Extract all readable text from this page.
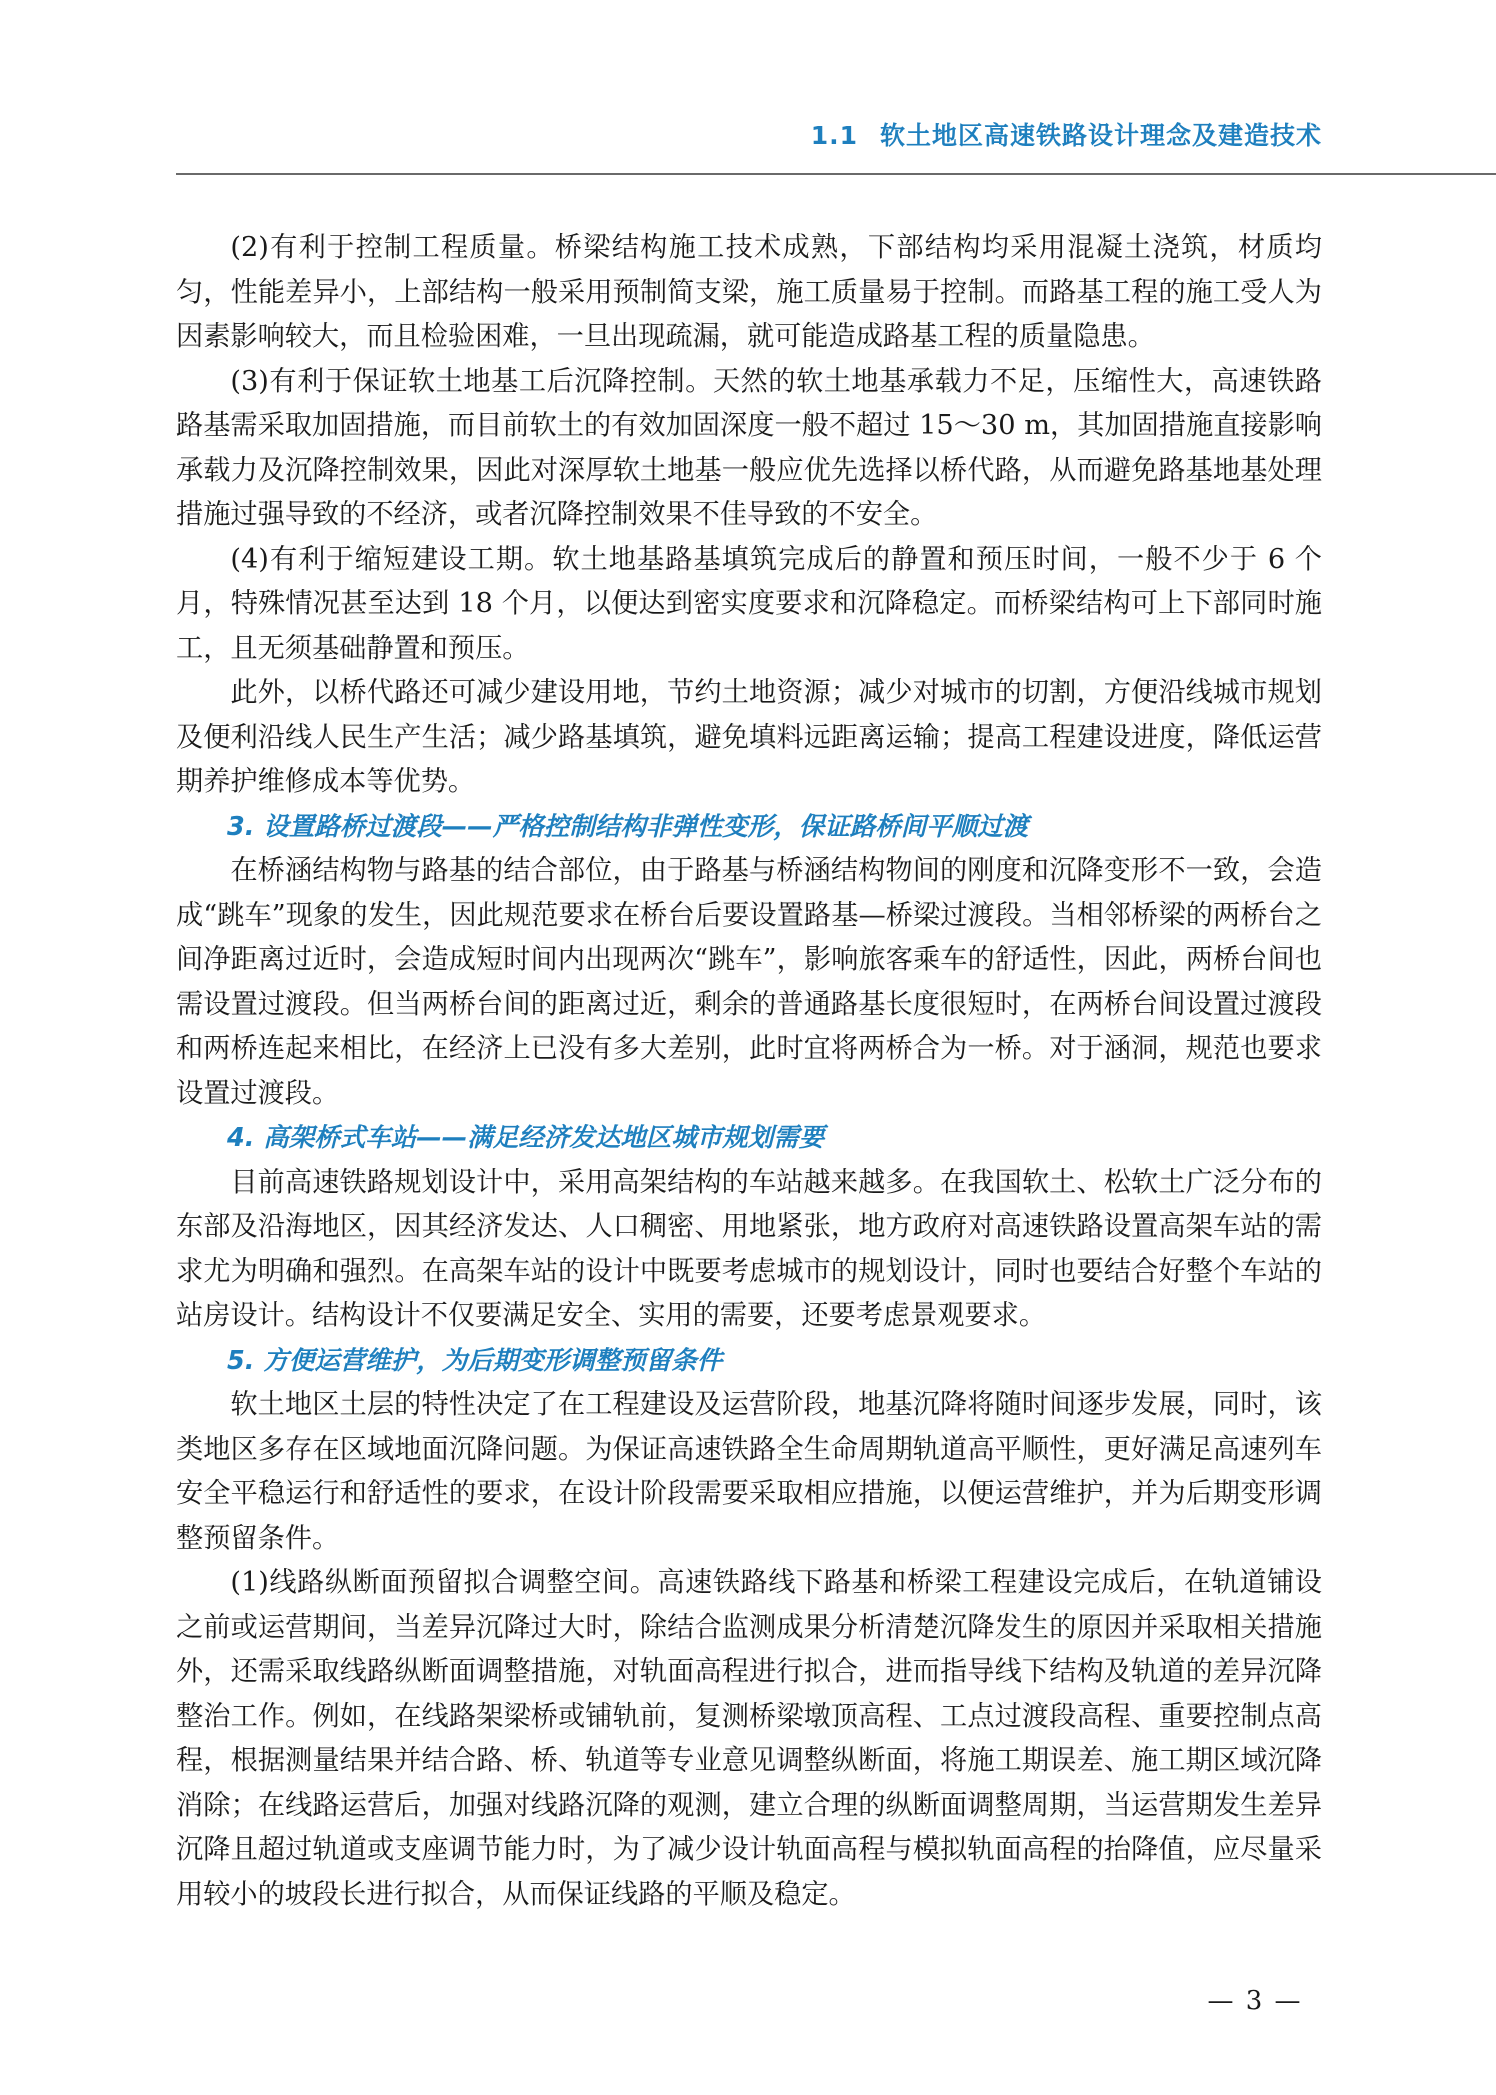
1.1 软土地区高速铁路设计理念及建造技术

(2)有利于控制工程质量。桥梁结构施工技术成熟，下部结构均采用混凝土浇筑，材质均匀，性能差异小，上部结构一般采用预制简支梁，施工质量易于控制。而路基工程的施工受人为因素影响较大，而且检验困难，一旦出现疏漏，就可能造成路基工程的质量隐患。

(3)有利于保证软土地基工后沉降控制。天然的软土地基承载力不足，压缩性大，高速铁路路基需采取加固措施，而目前软土的有效加固深度一般不超过 15～30 m，其加固措施直接影响承载力及沉降控制效果，因此对深厚软土地基一般应优先选择以桥代路，从而避免路基地基处理措施过强导致的不经济，或者沉降控制效果不佳导致的不安全。

(4)有利于缩短建设工期。软土地基路基填筑完成后的静置和预压时间，一般不少于 6 个月，特殊情况甚至达到 18 个月，以便达到密实度要求和沉降稳定。而桥梁结构可上下部同时施工，且无须基础静置和预压。

此外，以桥代路还可减少建设用地，节约土地资源；减少对城市的切割，方便沿线城市规划及便利沿线人民生产生活；减少路基填筑，避免填料远距离运输；提高工程建设进度，降低运营期养护维修成本等优势。

3. 设置路桥过渡段——严格控制结构非弹性变形，保证路桥间平顺过渡

在桥涵结构物与路基的结合部位，由于路基与桥涵结构物间的刚度和沉降变形不一致，会造成“跳车”现象的发生，因此规范要求在桥台后要设置路基—桥梁过渡段。当相邻桥梁的两桥台之间净距离过近时，会造成短时间内出现两次“跳车”，影响旅客乘车的舒适性，因此，两桥台间也需设置过渡段。但当两桥台间的距离过近，剩余的普通路基长度很短时，在两桥台间设置过渡段和两桥连起来相比，在经济上已没有多大差别，此时宜将两桥合为一桥。对于涵洞，规范也要求设置过渡段。

4. 高架桥式车站——满足经济发达地区城市规划需要

目前高速铁路规划设计中，采用高架结构的车站越来越多。在我国软土、松软土广泛分布的东部及沿海地区，因其经济发达、人口稠密、用地紧张，地方政府对高速铁路设置高架车站的需求尤为明确和强烈。在高架车站的设计中既要考虑城市的规划设计，同时也要结合好整个车站的站房设计。结构设计不仅要满足安全、实用的需要，还要考虑景观要求。

5. 方便运营维护，为后期变形调整预留条件

软土地区土层的特性决定了在工程建设及运营阶段，地基沉降将随时间逐步发展，同时，该类地区多存在区域地面沉降问题。为保证高速铁路全生命周期轨道高平顺性，更好满足高速列车安全平稳运行和舒适性的要求，在设计阶段需要采取相应措施，以便运营维护，并为后期变形调整预留条件。

(1)线路纵断面预留拟合调整空间。高速铁路线下路基和桥梁工程建设完成后，在轨道铺设之前或运营期间，当差异沉降过大时，除结合监测成果分析清楚沉降发生的原因并采取相关措施外，还需采取线路纵断面调整措施，对轨面高程进行拟合，进而指导线下结构及轨道的差异沉降整治工作。例如，在线路架梁桥或铺轨前，复测桥梁墩顶高程、工点过渡段高程、重要控制点高程，根据测量结果并结合路、桥、轨道等专业意见调整纵断面，将施工期误差、施工期区域沉降消除；在线路运营后，加强对线路沉降的观测，建立合理的纵断面调整周期，当运营期发生差异沉降且超过轨道或支座调节能力时，为了减少设计轨面高程与模拟轨面高程的抬降值，应尽量采用较小的坡段长进行拟合，从而保证线路的平顺及稳定。

— 3 —
